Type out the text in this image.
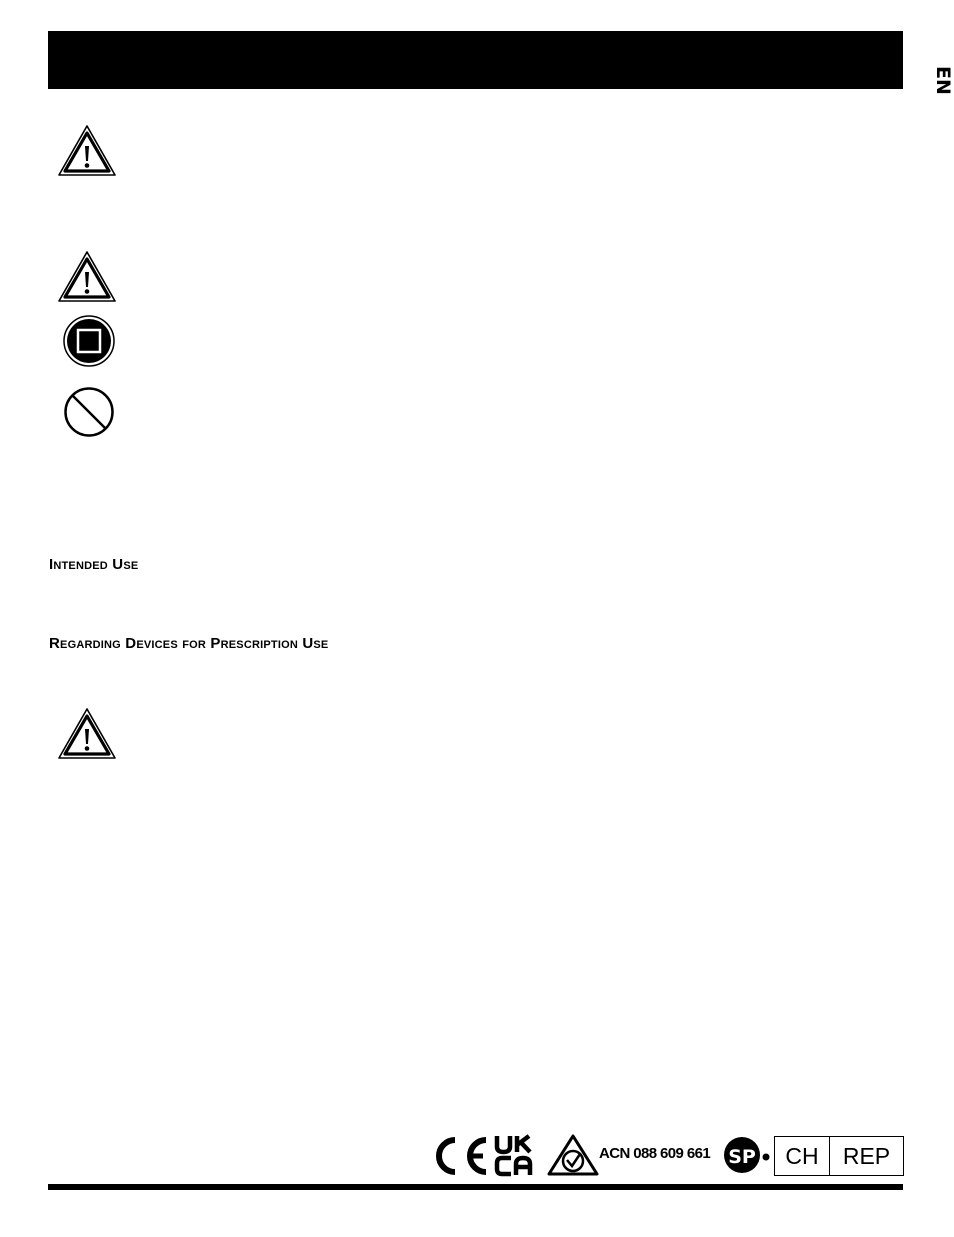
EN
Intended Use
Regarding Devices for Prescription Use
ACN 088 609 661 SP	CH	REP
